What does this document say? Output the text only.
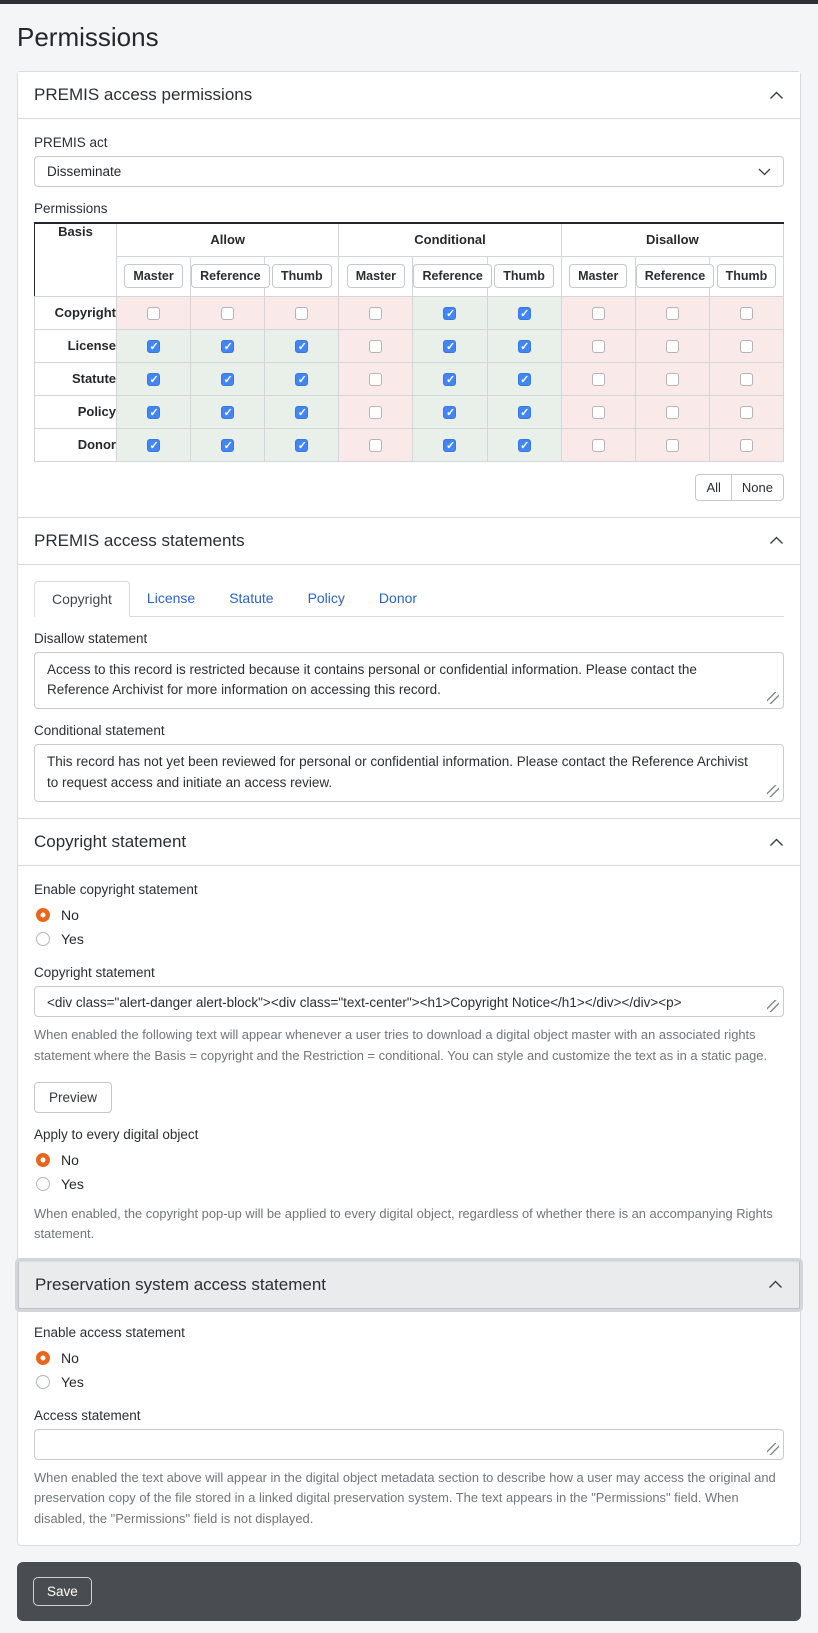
Permissions
PREMIS access permissions
PREMIS act
Disseminate
Permissions
Basis	Allow			Conditional			Disallow		
	Master	Reference	Thumb	Master	Reference	Thumb	Master	Reference	Thumb
Copyright					✓	✓			
License	✓	✓	✓		✓	✓			
Statute	✓	✓	✓		✓	✓			
Policy	✓	✓	✓		✓	✓			
Donor	✓	✓	✓		✓	✓			
All	None
PREMIS access statements
Copyright	License	Statute	Policy	Donor
Disallow statement
Access to this record is restricted because it contains personal or confidential information. Please contact the Reference Archivist for more information on accessing this record.
Conditional statement
This record has not yet been reviewed for personal or confidential information. Please contact the Reference Archivist to request access and initiate an access review.
Copyright statement
Enable copyright statement
No
Yes
Copyright statement
<div class="alert-danger alert-block"><div class="text-center"><h1>Copyright Notice</h1></div></div><p>

When enabled the following text will appear whenever a user tries to download a digital object master with an associated rights statement where the Basis = copyright and the Restriction = conditional. You can style and customize the text as in a static page.

Preview
Apply to every digital object
No
Yes

When enabled, the copyright pop-up will be applied to every digital object, regardless of whether there is an accompanying Rights statement.

Preservation system access statement
Enable access statement
No
Yes
Access statement

When enabled the text above will appear in the digital object metadata section to describe how a user may access the original and preservation copy of the file stored in a linked digital preservation system. The text appears in the "Permissions" field. When disabled, the "Permissions" field is not displayed.

Save
